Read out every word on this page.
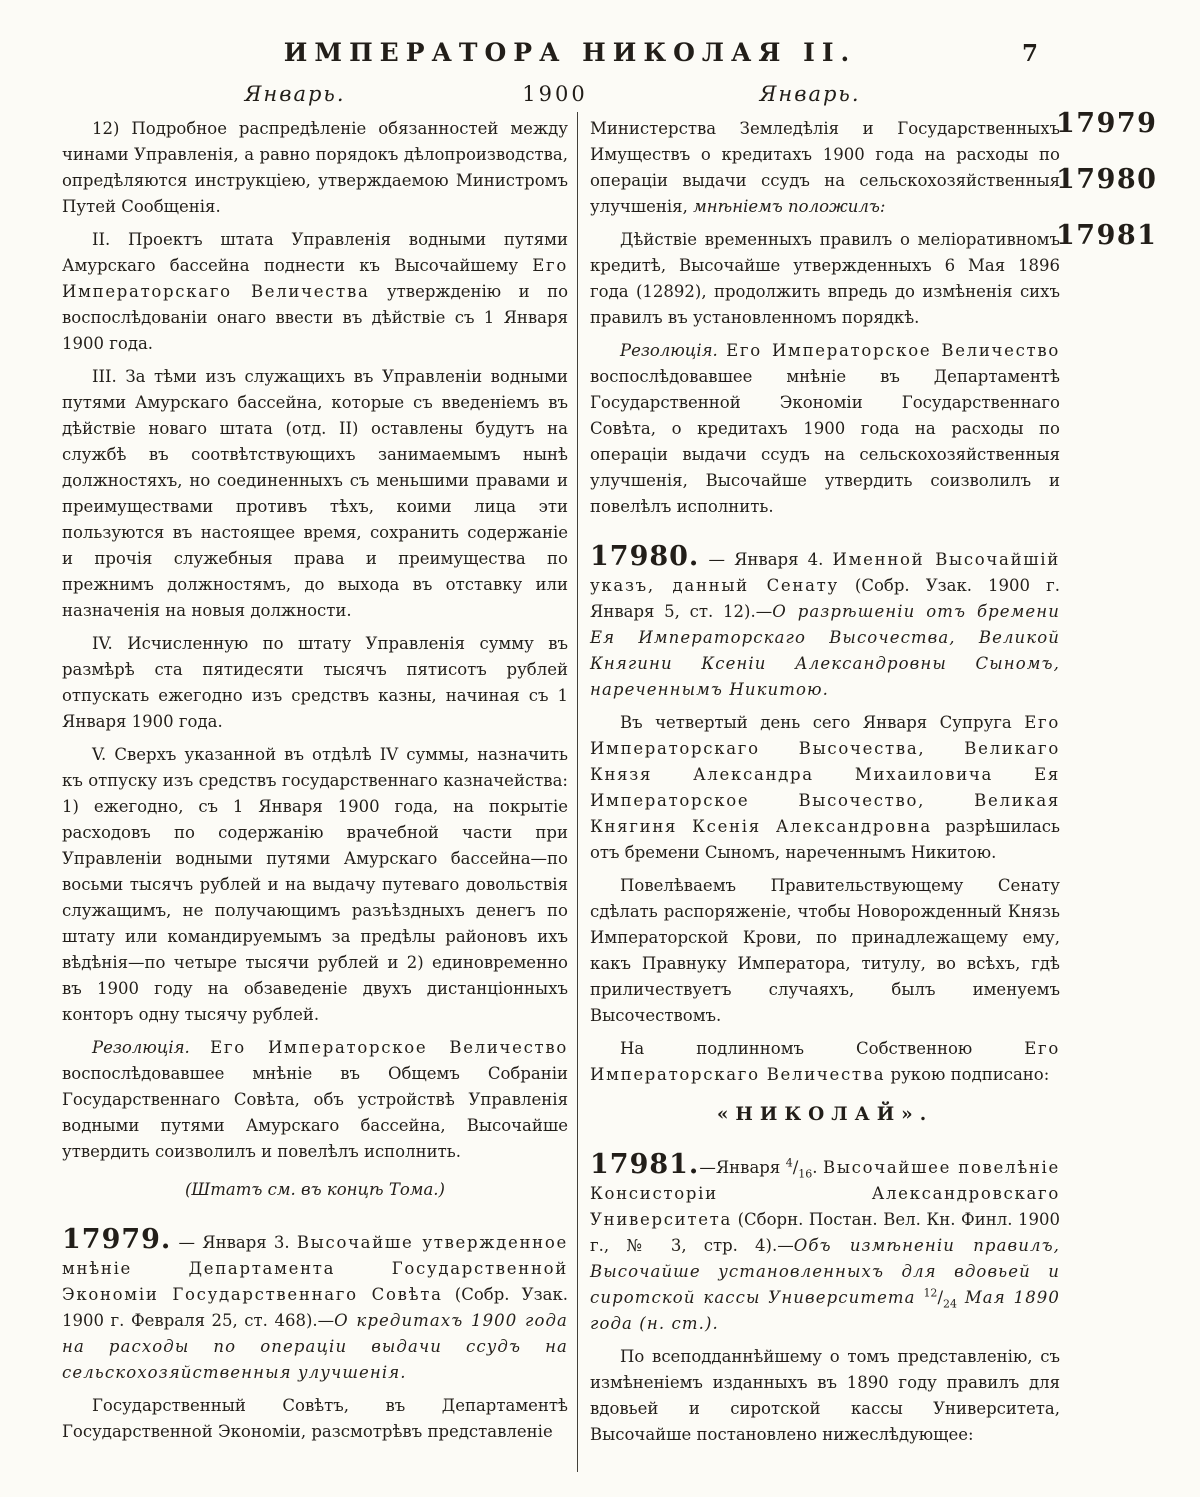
ИМПЕРАТОРА НИКОЛАЯ II.	7
Январь.	1900	Январь.

12) Подробное распредѣленіе обязанностей между чинами Управленія, а равно порядокъ дѣлопроизводства, опредѣляются инструкціею, утверждаемою Министромъ Путей Сообщенія.

II. Проектъ штата Управленія водными путями Амурскаго бассейна поднести къ Высочайшему Его Императорскаго Величества утвержденію и по воспослѣдованіи онаго ввести въ дѣйствіе съ 1 Января 1900 года.

III. За тѣми изъ служащихъ въ Управленіи водными путями Амурскаго бассейна, которые съ введеніемъ въ дѣйствіе новаго штата (отд. II) оставлены будутъ на службѣ въ соотвѣтствующихъ занимаемымъ нынѣ должностяхъ, но соединенныхъ съ меньшими правами и преимуществами противъ тѣхъ, коими лица эти пользуются въ настоящее время, сохранить содержаніе и прочія служебныя права и преимущества по прежнимъ должностямъ, до выхода въ отставку или назначенія на новыя должности.

IV. Исчисленную по штату Управленія сумму въ размѣрѣ ста пятидесяти тысячъ пятисотъ рублей отпускать ежегодно изъ средствъ казны, начиная съ 1 Января 1900 года.

V. Сверхъ указанной въ отдѣлѣ IV суммы, назначить къ отпуску изъ средствъ государственнаго казначейства: 1) ежегодно, съ 1 Января 1900 года, на покрытіе расходовъ по содержанію врачебной части при Управленіи водными путями Амурскаго бассейна—по восьми тысячъ рублей и на выдачу путеваго довольствія служащимъ, не получающимъ разъѣздныхъ денегъ по штату или командируемымъ за предѣлы районовъ ихъ вѣдѣнія—по четыре тысячи рублей и 2) единовременно въ 1900 году на обзаведеніе двухъ дистанціонныхъ конторъ одну тысячу рублей.

Резолюція. Его Императорское Величество воспослѣдовавшее мнѣніе въ Общемъ Собраніи Государственнаго Совѣта, объ устройствѣ Управленія водными путями Амурскаго бассейна, Высочайше утвердить соизволилъ и повелѣлъ исполнить.

(Штатъ см. въ концѣ Тома.)

17979. — Января 3. Высочайше утвержденное мнѣніе Департамента Государственной Экономіи Государственнаго Совѣта (Собр. Узак. 1900 г. Февраля 25, ст. 468).—О кредитахъ 1900 года на расходы по операціи выдачи ссудъ на сельскохозяйственныя улучшенія.

Государственный Совѣтъ, въ Департаментѣ Государственной Экономіи, разсмотрѣвъ представленіе

Министерства Земледѣлія и Государственныхъ Имуществъ о кредитахъ 1900 года на расходы по операціи выдачи ссудъ на сельскохозяйственныя улучшенія, мнѣніемъ положилъ:

Дѣйствіе временныхъ правилъ о меліоративномъ кредитѣ, Высочайше утвержденныхъ 6 Мая 1896 года (12892), продолжить впредь до измѣненія сихъ правилъ въ установленномъ порядкѣ.

Резолюція. Его Императорское Величество воспослѣдовавшее мнѣніе въ Департаментѣ Государственной Экономіи Государственнаго Совѣта, о кредитахъ 1900 года на расходы по операціи выдачи ссудъ на сельскохозяйственныя улучшенія, Высочайше утвердить соизволилъ и повелѣлъ исполнить.

17980. — Января 4. Именной Высочайшій указъ, данный Сенату (Собр. Узак. 1900 г. Января 5, ст. 12).—О разрѣшеніи отъ бремени Ея Императорскаго Высочества, Великой Княгини Ксеніи Александровны Сыномъ, нареченнымъ Никитою.

Въ четвертый день сего Января Супруга Его Императорскаго Высочества, Великаго Князя Александра Михаиловича Ея Императорское Высочество, Великая Княгиня Ксенія Александровна разрѣшилась отъ бремени Сыномъ, нареченнымъ Никитою.

Повелѣваемъ Правительствующему Сенату сдѣлать распоряженіе, чтобы Новорожденный Князь Императорской Крови, по принадлежащему ему, какъ Правнуку Императора, титулу, во всѣхъ, гдѣ приличествуетъ случаяхъ, былъ именуемъ Высочествомъ.

На подлинномъ Собственною Его Императорскаго Величества рукою подписано:

«НИКОЛАЙ».

17981.—Января $^4/_{16}$. Высочайшее повелѣніе Консисторіи Александровскаго Университета (Сборн. Постан. Вел. Кн. Финл. 1900 г., № 3, стр. 4).—Объ измѣненіи правилъ, Высочайше установленныхъ для вдовьей и сиротской кассы Университета $^{12}/_{24}$ Мая 1890 года (н. ст.).

По всеподданнѣйшему о томъ представленію, съ измѣненіемъ изданныхъ въ 1890 году правилъ для вдовьей и сиротской кассы Университета, Высочайше постановлено нижеслѣдующее:

17979
17980
17981
